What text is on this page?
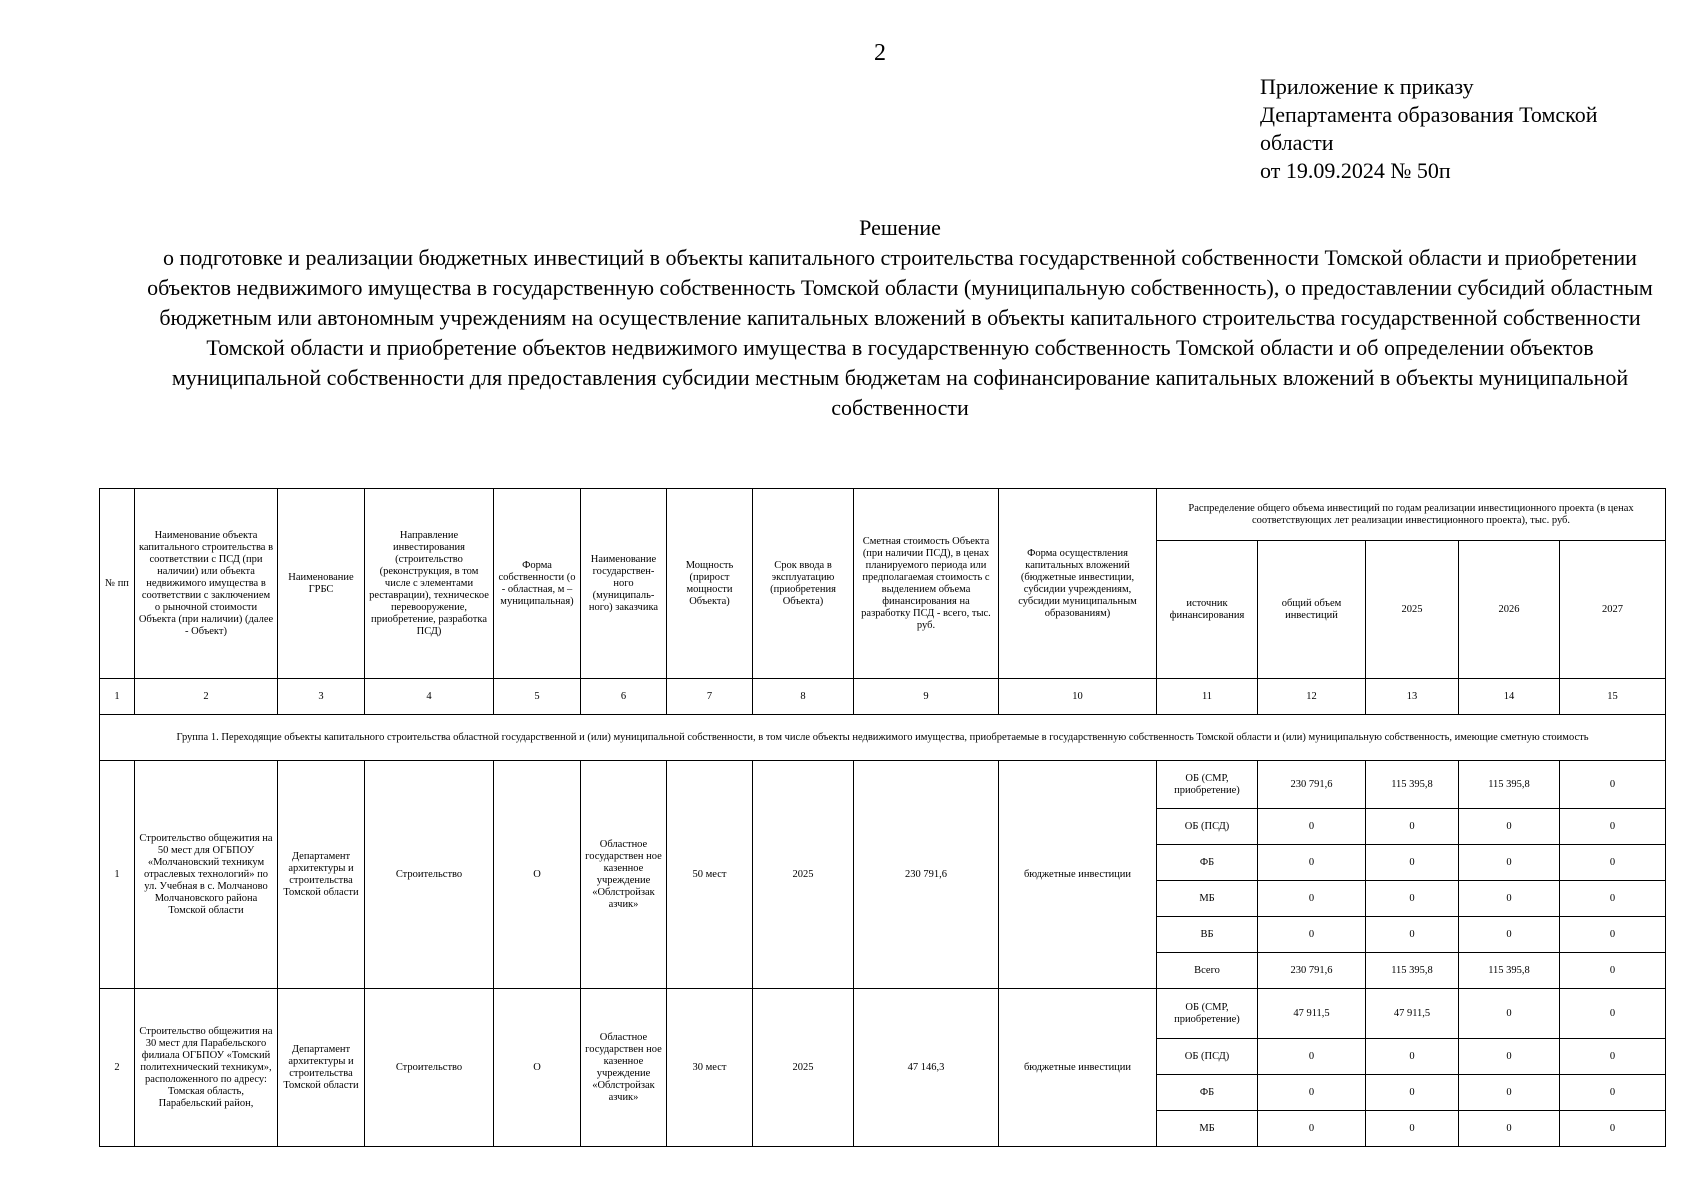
2
Приложение к приказу
Департамента образования Томской
области
от 19.09.2024 № 50п
Решение
о подготовке и реализации бюджетных инвестиций в объекты капитального строительства государственной собственности Томской области и приобретении объектов недвижимого имущества в государственную собственность Томской области (муниципальную собственность), о предоставлении субсидий областным бюджетным или автономным учреждениям на осуществление капитальных вложений в объекты капитального строительства государственной собственности Томской области и приобретение объектов недвижимого имущества в государственную собственность Томской области и об определении объектов муниципальной собственности для предоставления субсидии местным бюджетам на софинансирование капитальных вложений в объекты муниципальной собственности
№ пп	Наименование объекта капитального строительства в соответствии с ПСД (при наличии) или объекта недвижимого имущества в соответствии с заключением о рыночной стоимости Объекта (при наличии) (далее - Объект)	Наименование ГРБС	Направление инвестирования (строительство (реконструкция, в том числе с элементами реставрации), техническое перевооружение, приобретение, разработка ПСД)	Форма собственности (о - областная, м – муниципальная)	Наименование государствен-ного (муниципаль-ного) заказчика	Мощность (прирост мощности Объекта)	Срок ввода в эксплуатацию (приобретения Объекта)	Сметная стоимость Объекта (при наличии ПСД), в ценах планируемого периода или предполагаемая стоимость с выделением объема финансирования на разработку ПСД - всего, тыс. руб.	Форма осуществления капитальных вложений (бюджетные инвестиции, субсидии учреждениям, субсидии муниципальным образованиям)	Распределение общего объема инвестиций по годам реализации инвестиционного проекта (в ценах соответствующих лет реализации инвестиционного проекта), тыс. руб.				
										источник финансирования	общий объем инвестиций	2025	2026	2027
1	2	3	4	5	6	7	8	9	10	11	12	13	14	15
Группа 1. Переходящие объекты капитального строительства областной государственной и (или) муниципальной собственности, в том числе объекты недвижимого имущества, приобретаемые в государственную собственность Томской области и (или) муниципальную собственность, имеющие сметную стоимость														
1	Строительство общежития на 50 мест для ОГБПОУ «Молчановский техникум отраслевых технологий» по ул. Учебная в с. Молчаново Молчановского района Томской области	Департамент архитектуры и строительства Томской области	Строительство	О	Областное государствен ное казенное учреждение «Облстройзак азчик»	50 мест	2025	230 791,6	бюджетные инвестиции	ОБ (СМР, приобретение)	230 791,6	115 395,8	115 395,8	0
										ОБ (ПСД)	0	0	0	0
										ФБ	0	0	0	0
										МБ	0	0	0	0
										ВБ	0	0	0	0
										Всего	230 791,6	115 395,8	115 395,8	0
2	Строительство общежития на 30 мест для Парабельского филиала ОГБПОУ «Томский политехнический техникум», расположенного по адресу: Томская область, Парабельский район,	Департамент архитектуры и строительства Томской области	Строительство	О	Областное государствен ное казенное учреждение «Облстройзак азчик»	30 мест	2025	47 146,3	бюджетные инвестиции	ОБ (СМР, приобретение)	47 911,5	47 911,5	0	0
										ОБ (ПСД)	0	0	0	0
										ФБ	0	0	0	0
										МБ	0	0	0	0
